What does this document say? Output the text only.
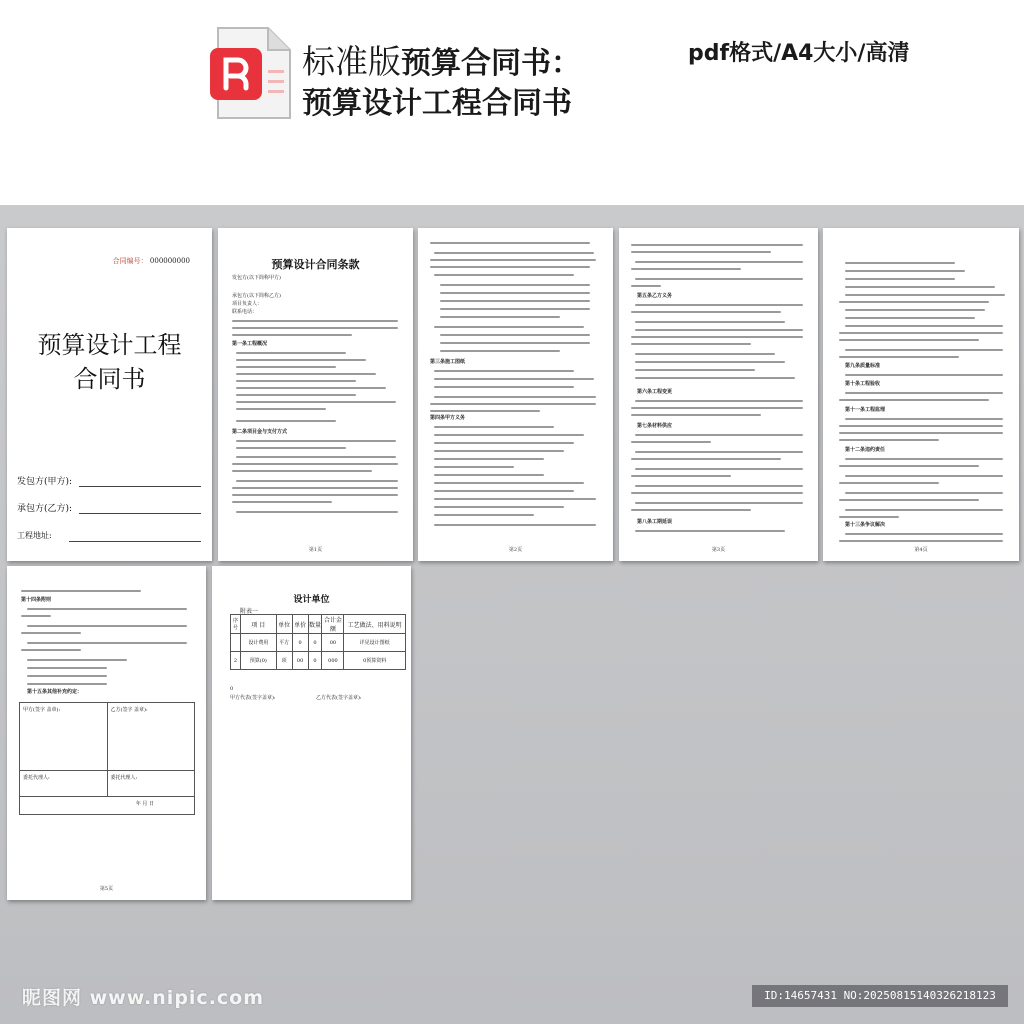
标准版预算合同书：
预算设计工程合同书
pdf格式/A4大小/高清
合同编号： 000000000
预算设计工程
合同书
发包方(甲方):
承包方(乙方):
工程地址:
预算设计合同条款
发包方(以下简称甲方)
承包方(以下简称乙方)
项目负责人：
联系电话：
第一条工程概况
第二条项目金与支付方式
第1页
第三条施工图纸
第四条甲方义务
第2页
第五条乙方义务
第六条工程变更
第七条材料供应
第八条工期延误
第3页
第九条质量标准
第十条工程验收
第十一条工程监理
第十二条违约责任
第十三条争议解决
第4页
第十四条附则
第十五条其他补充约定：
甲方(签字 盖章):	乙方(签字 盖章):
委托代理人:	委托代理人:
年 月 日	
第5页
设计单位
附表一
序号	项 目	单位	单价	数量	合计金额	工艺做法、用料说明
	设计费用	平方	0	0	00	详见设计图纸
2	预算(0)	项	00	0	000	0预算资料
0
甲方代表(签字盖章):	乙方代表(签字盖章):
昵图网 www.nipic.com	ID:14657431 NO:20250815140326218123
